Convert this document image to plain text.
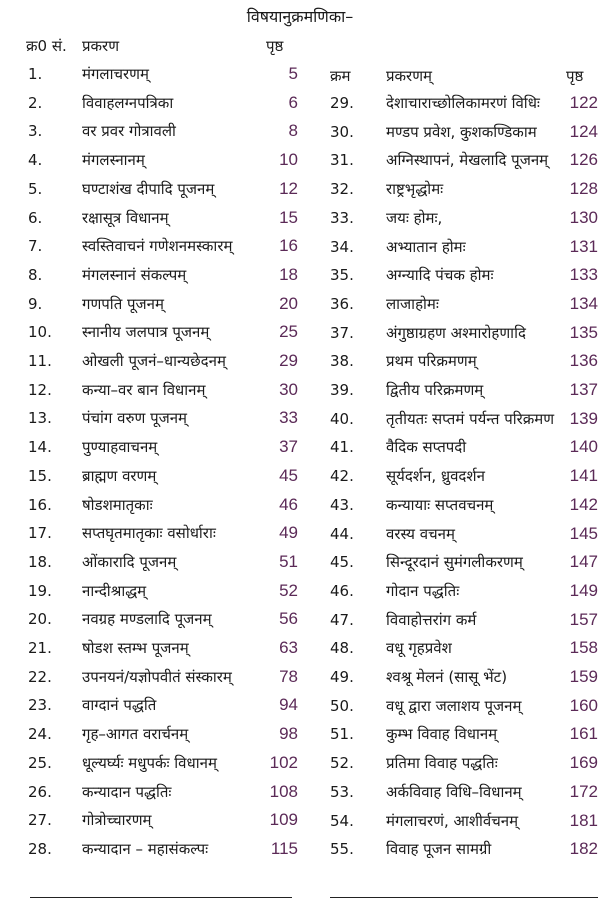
विषयानुक्रमणिका–
क्र0 सं. प्रकरण	पृष्ठ
क्रम प्रकरणम्	पृष्ठ
1.	मंगलाचरणम्	5
2.	विवाहलग्नपत्रिका	6
3.	वर प्रवर गोत्रावली	8
4.	मंगलस्नानम्	10
5.	घण्टाशंख दीपादि पूजनम्	12
6.	रक्षासूत्र विधानम्	15
7.	स्वस्तिवाचनं गणेशनमस्कारम्	16
8.	मंगलस्नानं संकल्पम्	18
9.	गणपति पूजनम्	20
10. स्नानीय जलपात्र पूजनम्	25
11. ओखली पूजनं–धान्यछेदनम्	29
12. कन्या–वर बान विधानम्	30
13. पंचांग वरुण पूजनम्	33
14. पुण्याहवाचनम्	37
15. ब्राह्मण वरणम्	45
16. षोडशमातृकाः	46
17. सप्तघृतमातृकाः वसोर्धाराः	49
18. ओंकारादि पूजनम्	51
19. नान्दीश्राद्धम्	52
20. नवग्रह मण्डलादि पूजनम्	56
21. षोडश स्तम्भ पूजनम्	63
22. उपनयनं/यज्ञोपवीतं संस्कारम्	78
23. वाग्दानं पद्धति	94
24. गृह–आगत वरार्चनम्	98
25. धूल्यर्घ्यः मधुपर्कः विधानम्	102
26. कन्यादान पद्धतिः	108
27. गोत्रोच्चारणम्	109
28. कन्यादान – महासंकल्पः	115
29. देशाचाराच्छोलिकामरणं विधिः	122
30. मण्डप प्रवेश, कुशकण्डिकाम	124
31. अग्निस्थापनं, मेखलादि पूजनम्	126
32. राष्ट्रभृद्धोमः	128
33. जयः होमः,	130
34. अभ्यातान होमः	131
35. अग्न्यादि पंचक होमः	133
36. लाजाहोमः	134
37. अंगुष्ठाग्रहण अश्मारोहणादि	135
38. प्रथम परिक्रमणम्	136
39. द्वितीय परिक्रमणम्	137
40. तृतीयतः सप्तमं पर्यन्त परिक्रमण 139
41. वैदिक सप्तपदी	140
42. सूर्यदर्शन, ध्रुवदर्शन	141
43. कन्यायाः सप्तवचनम्	142
44. वरस्य वचनम्	145
45. सिन्दूरदानं सुमंगलीकरणम्	147
46. गोदान पद्धतिः	149
47. विवाहोत्तरांग कर्म	157
48. वधू गृहप्रवेश	158
49. श्वश्रू मेलनं (सासू भेंट)	159
50. वधू द्वारा जलाशय पूजनम्	160
51. कुम्भ विवाह विधानम्	161
52. प्रतिमा विवाह पद्धतिः	169
53. अर्कविवाह विधि–विधानम्	172
54. मंगलाचरणं, आशीर्वचनम्	181
55. विवाह पूजन सामग्री	182
